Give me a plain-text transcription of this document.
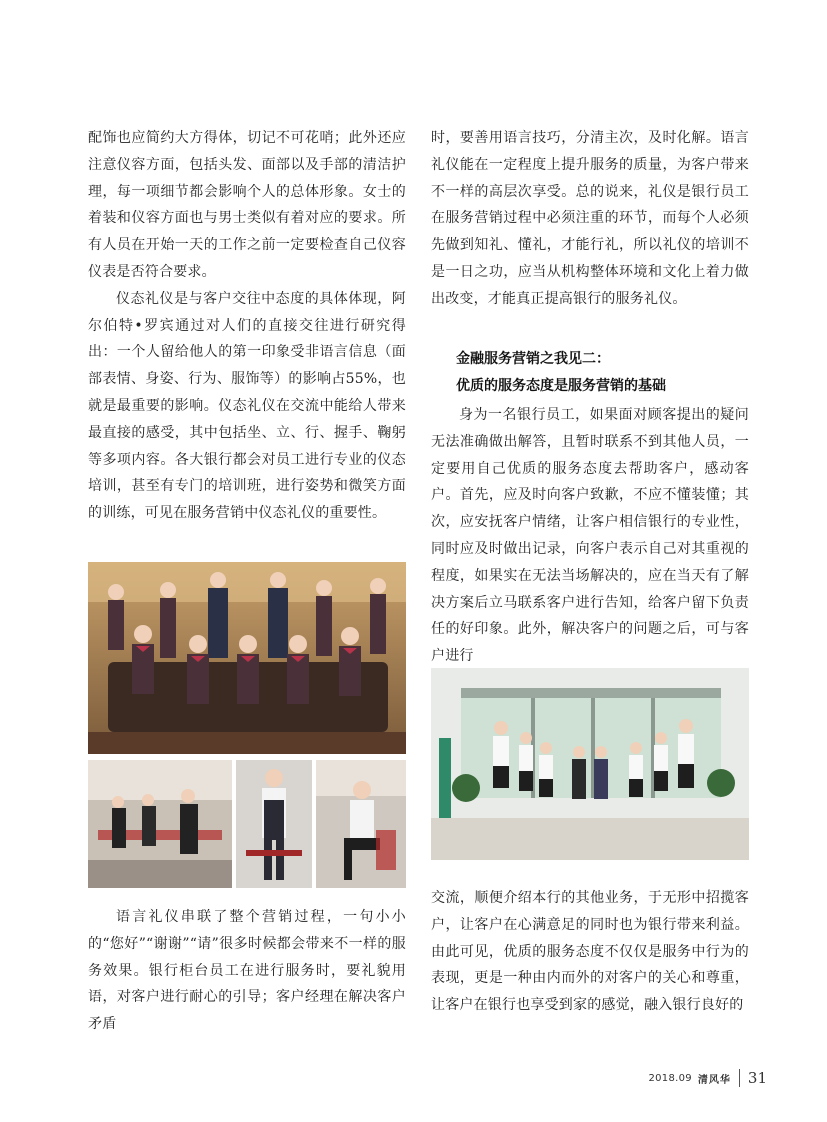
配饰也应简约大方得体，切记不可花哨；此外还应注意仪容方面，包括头发、面部以及手部的清洁护理，每一项细节都会影响个人的总体形象。女士的着装和仪容方面也与男士类似有着对应的要求。所有人员在开始一天的工作之前一定要检查自己仪容仪表是否符合要求。

仪态礼仪是与客户交往中态度的具体体现，阿尔伯特•罗宾通过对人们的直接交往进行研究得出：一个人留给他人的第一印象受非语言信息（面部表情、身姿、行为、服饰等）的影响占55%，也就是最重要的影响。仪态礼仪在交流中能给人带来最直接的感受，其中包括坐、立、行、握手、鞠躬等多项内容。各大银行都会对员工进行专业的仪态培训，甚至有专门的培训班，进行姿势和微笑方面的训练，可见在服务营销中仪态礼仪的重要性。

语言礼仪串联了整个营销过程，一句小小的“您好”“谢谢”“请”很多时候都会带来不一样的服务效果。银行柜台员工在进行服务时，要礼貌用语，对客户进行耐心的引导；客户经理在解决客户矛盾

时，要善用语言技巧，分清主次，及时化解。语言礼仪能在一定程度上提升服务的质量，为客户带来不一样的高层次享受。总的说来，礼仪是银行员工在服务营销过程中必须注重的环节，而每个人必须先做到知礼、懂礼，才能行礼，所以礼仪的培训不是一日之功，应当从机构整体环境和文化上着力做出改变，才能真正提高银行的服务礼仪。

金融服务营销之我见二：

优质的服务态度是服务营销的基础

身为一名银行员工，如果面对顾客提出的疑问无法准确做出解答，且暂时联系不到其他人员，一定要用自己优质的服务态度去帮助客户，感动客户。首先，应及时向客户致歉，不应不懂装懂；其次，应安抚客户情绪，让客户相信银行的专业性，同时应及时做出记录，向客户表示自己对其重视的程度，如果实在无法当场解决的，应在当天有了解决方案后立马联系客户进行告知，给客户留下负责任的好印象。此外，解决客户的问题之后，可与客户进行

交流，顺便介绍本行的其他业务，于无形中招揽客户，让客户在心满意足的同时也为银行带来利益。由此可见，优质的服务态度不仅仅是服务中行为的表现，更是一种由内而外的对客户的关心和尊重，让客户在银行也享受到家的感觉，融入银行良好的

2018.09 清风华 31
